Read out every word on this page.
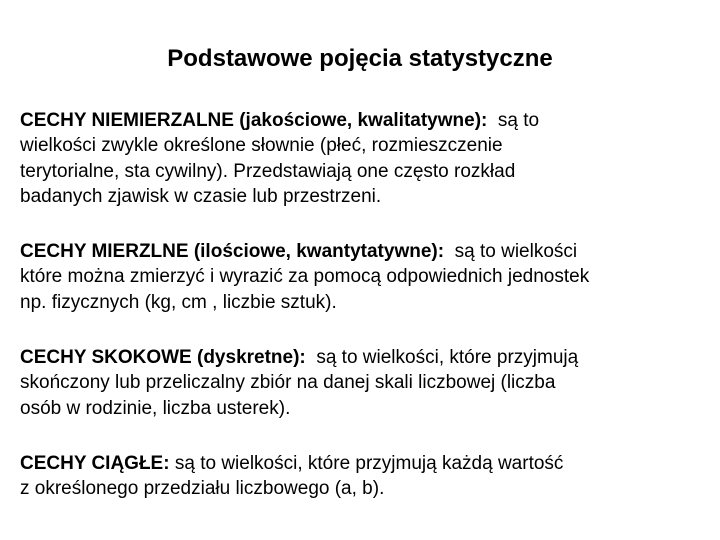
Podstawowe pojęcia statystyczne
CECHY NIEMIERZALNE (jakościowe, kwalitatywne): są to
wielkości zwykle określone słownie (płeć, rozmieszczenie
terytorialne, sta cywilny). Przedstawiają one często rozkład
badanych zjawisk w czasie lub przestrzeni.
CECHY MIERZLNE (ilościowe, kwantytatywne): są to wielkości
które można zmierzyć i wyrazić za pomocą odpowiednich jednostek
np. fizycznych (kg, cm , liczbie sztuk).
CECHY SKOKOWE (dyskretne): są to wielkości, które przyjmują
skończony lub przeliczalny zbiór na danej skali liczbowej (liczba
osób w rodzinie, liczba usterek).
CECHY CIĄGŁE: są to wielkości, które przyjmują każdą wartość
z określonego przedziału liczbowego (a, b).
